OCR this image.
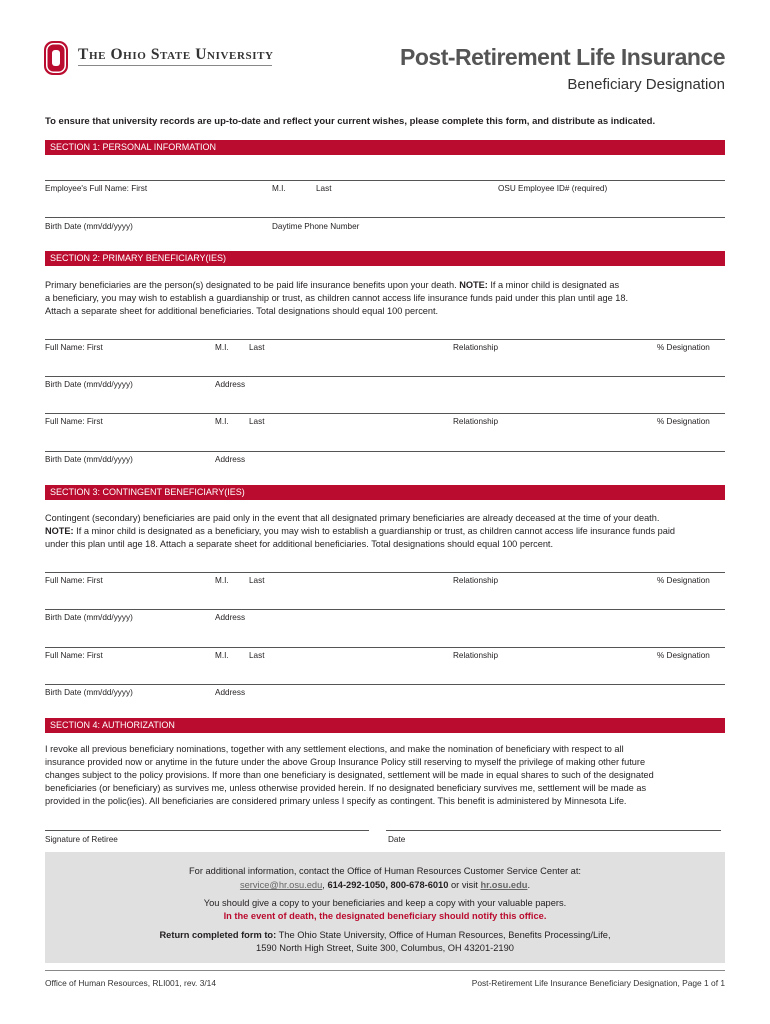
The Ohio State University	Post-Retirement Life Insurance
Beneficiary Designation
To ensure that university records are up-to-date and reflect your current wishes, please complete this form, and distribute as indicated.
SECTION 1: PERSONAL INFORMATION
Employee's Full Name: First	M.I.	Last	OSU Employee ID# (required)
Birth Date (mm/dd/yyyy)	Daytime Phone Number
SECTION 2: PRIMARY BENEFICIARY(IES)
Primary beneficiaries are the person(s) designated to be paid life insurance benefits upon your death. NOTE: If a minor child is designated as
a beneficiary, you may wish to establish a guardianship or trust, as children cannot access life insurance funds paid under this plan until age 18.
Attach a separate sheet for additional beneficiaries. Total designations should equal 100 percent.
Full Name: First	M.I. Last	Relationship	% Designation
Birth Date (mm/dd/yyyy)	Address
Full Name: First	M.I. Last	Relationship	% Designation
Birth Date (mm/dd/yyyy)	Address
SECTION 3: CONTINGENT BENEFICIARY(IES)
Contingent (secondary) beneficiaries are paid only in the event that all designated primary beneficiaries are already deceased at the time of your death.
NOTE: If a minor child is designated as a beneficiary, you may wish to establish a guardianship or trust, as children cannot access life insurance funds paid
under this plan until age 18. Attach a separate sheet for additional beneficiaries. Total designations should equal 100 percent.
Full Name: First	M.I. Last	Relationship	% Designation
Birth Date (mm/dd/yyyy)	Address
Full Name: First	M.I. Last	Relationship	% Designation
Birth Date (mm/dd/yyyy)	Address
SECTION 4: AUTHORIZATION
I revoke all previous beneficiary nominations, together with any settlement elections, and make the nomination of beneficiary with respect to all
insurance provided now or anytime in the future under the above Group Insurance Policy still reserving to myself the privilege of making other future
changes subject to the policy provisions. If more than one beneficiary is designated, settlement will be made in equal shares to such of the designated
beneficiaries (or beneficiary) as survives me, unless otherwise provided herein. If no designated beneficiary survives me, settlement will be made as
provided in the polic(ies). All beneficiaries are considered primary unless I specify as contingent. This benefit is administered by Minnesota Life.
Signature of Retiree	Date
For additional information, contact the Office of Human Resources Customer Service Center at:
service@hr.osu.edu, 614-292-1050, 800-678-6010 or visit hr.osu.edu.
You should give a copy to your beneficiaries and keep a copy with your valuable papers.
In the event of death, the designated beneficiary should notify this office.
Return completed form to: The Ohio State University, Office of Human Resources, Benefits Processing/Life,
1590 North High Street, Suite 300, Columbus, OH 43201-2190
Office of Human Resources, RLI001, rev. 3/14	Post-Retirement Life Insurance Beneficiary Designation, Page 1 of 1
